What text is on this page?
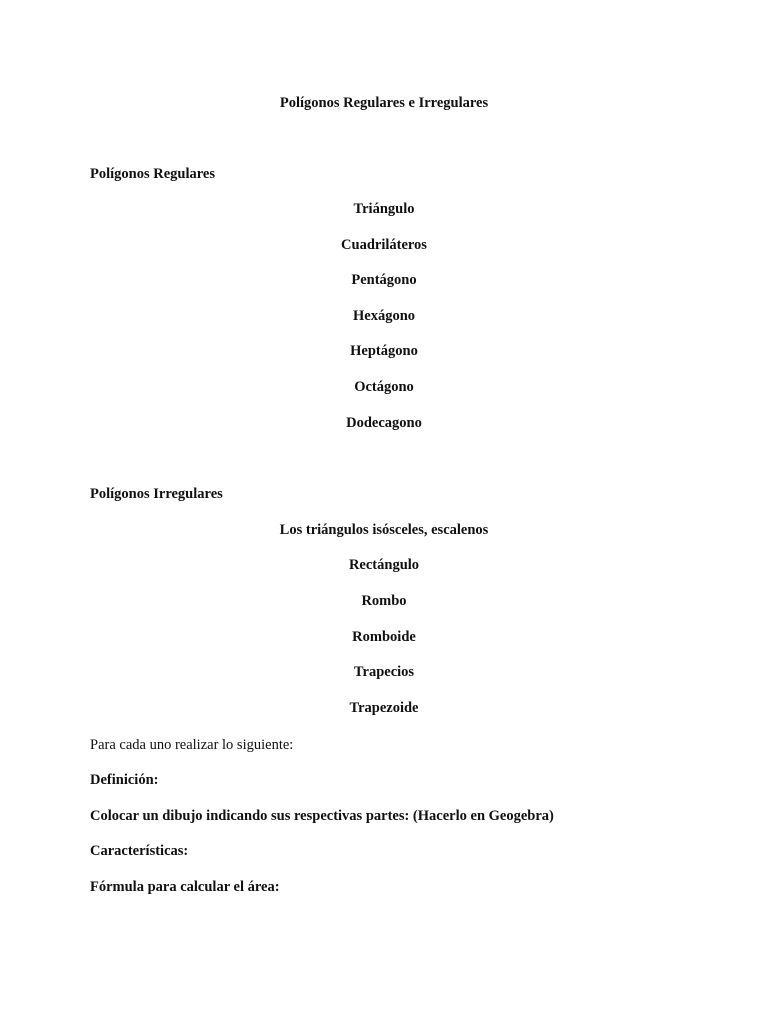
Polígonos Regulares e Irregulares
Polígonos Regulares
Triángulo
Cuadriláteros
Pentágono
Hexágono
Heptágono
Octágono
Dodecagono
Polígonos Irregulares
Los triángulos isósceles, escalenos
Rectángulo
Rombo
Romboide
Trapecios
Trapezoide
Para cada uno realizar lo siguiente:
Definición:
Colocar un dibujo indicando sus respectivas partes: (Hacerlo en Geogebra)
Características:
Fórmula para calcular el área:
